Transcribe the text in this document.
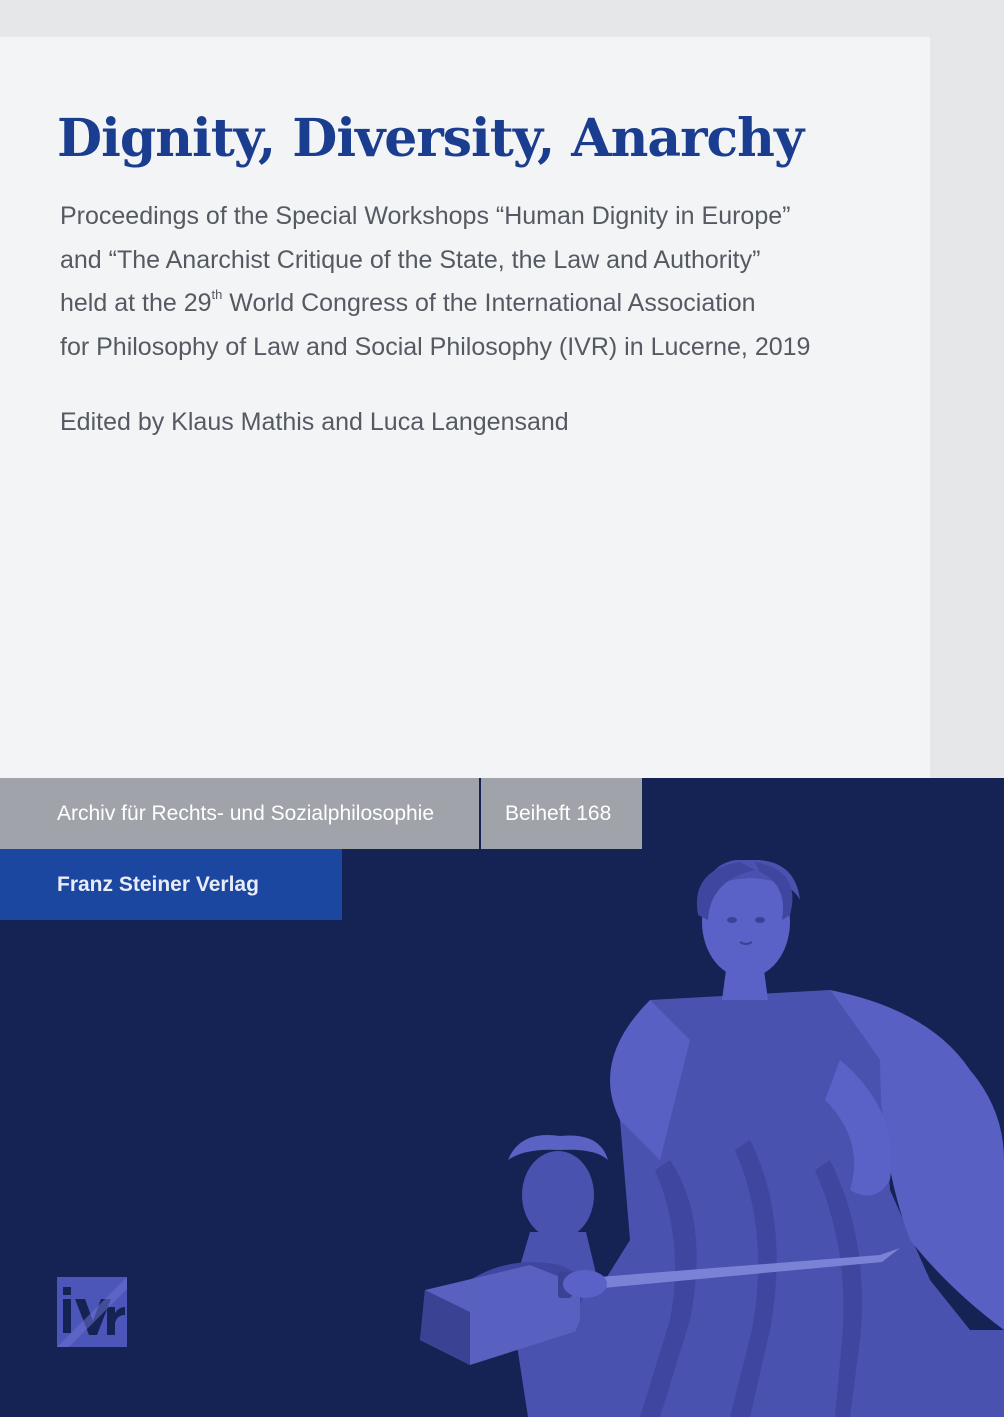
Dignity, Diversity, Anarchy
Proceedings of the Special Workshops “Human Dignity in Europe”
and “The Anarchist Critique of the State, the Law and Authority”
held at the 29th World Congress of the International Association
for Philosophy of Law and Social Philosophy (IVR) in Lucerne, 2019

Edited by Klaus Mathis and Luca Langensand

Archiv für Rechts- und Sozialphilosophie	Beiheft 168
Franz Steiner Verlag
